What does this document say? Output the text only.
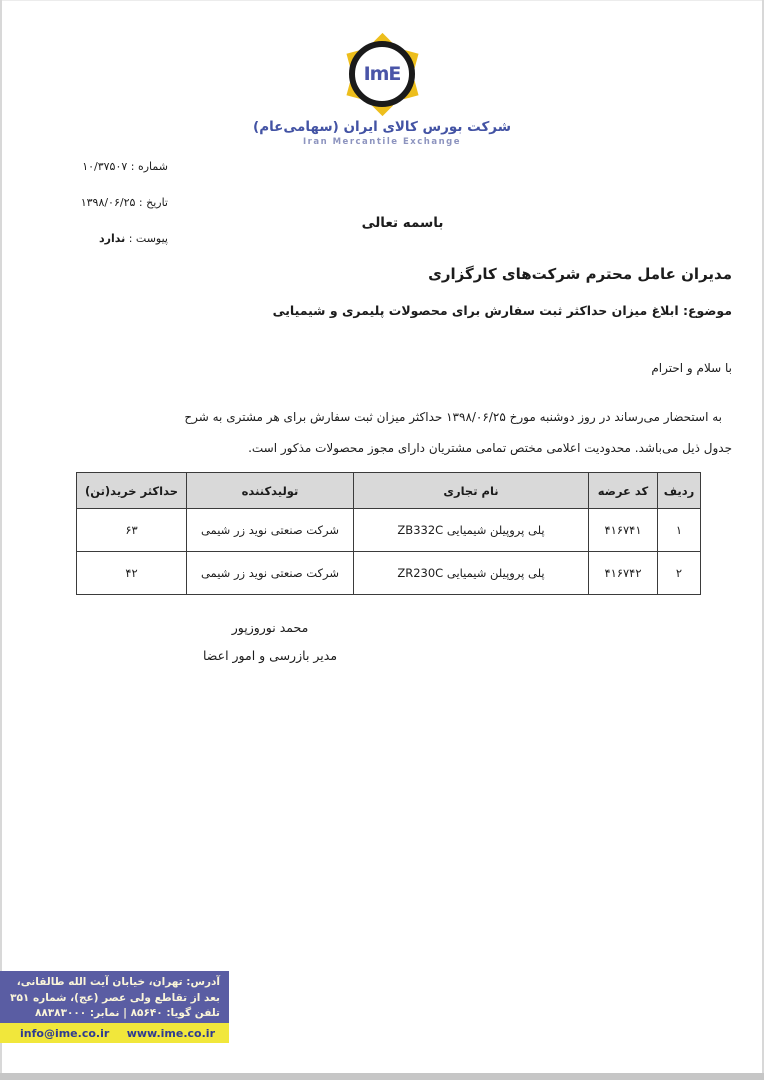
ImE
شرکت بورس کالای ایران (سهامی‌عام)
Iran Mercantile Exchange
شماره : ۱۰/۳۷۵۰۷
تاریخ : ۱۳۹۸/۰۶/۲۵
پیوست : ندارد
باسمه تعالی
مدیران عامل محترم شرکت‌های کارگزاری
موضوع: ابلاغ میزان حداکثر ثبت سفارش برای محصولات پلیمری و شیمیایی
با سلام و احترام

به استحضار می‌رساند در روز دوشنبه مورخ ۱۳۹۸/۰۶/۲۵ حداکثر میزان ثبت سفارش برای هر مشتری به شرح
جدول ذیل می‌باشد. محدودیت اعلامی مختص تمامی مشتریان دارای مجوز محصولات مذکور است.

ردیف	کد عرضه	نام تجاری	تولیدکننده	حداکثر خرید(تن)
۱	۴۱۶۷۴۱	پلی پروپیلن شیمیایی ZB332C	شرکت صنعتی نوید زر شیمی	۶۳
۲	۴۱۶۷۴۲	پلی پروپیلن شیمیایی ZR230C	شرکت صنعتی نوید زر شیمی	۴۲
محمد نوروزپور
مدیر بازرسی و امور اعضا
آدرس: تهران، خیابان آیت الله طالقانی،
بعد از تقاطع ولی عصر (عج)، شماره ۳۵۱
تلفن گویا: ۸۵۶۴۰ | نمابر: ۸۸۳۸۳۰۰۰
info@ime.co.ir www.ime.co.ir
